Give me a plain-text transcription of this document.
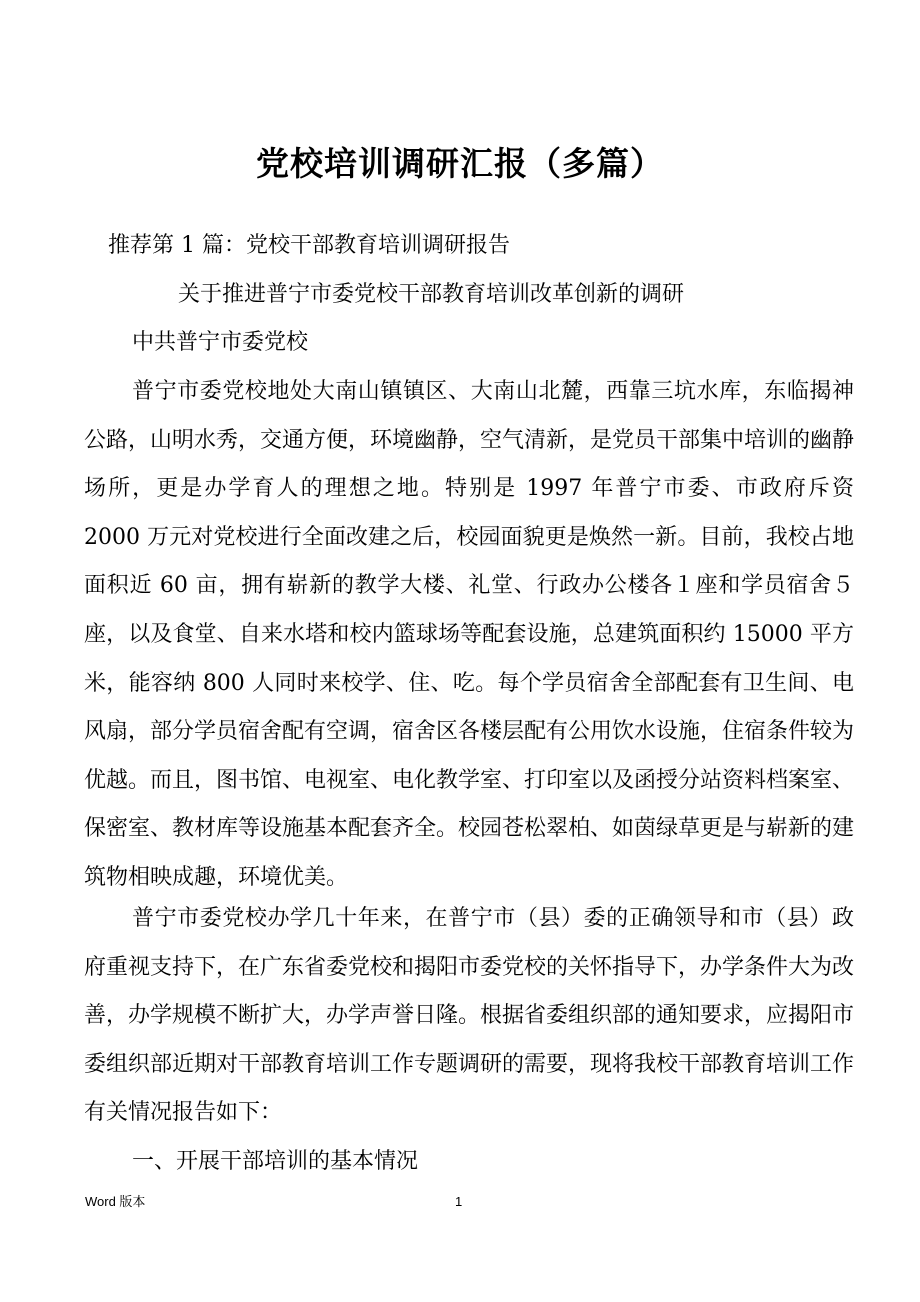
党校培训调研汇报（多篇）
推荐第 1 篇：党校干部教育培训调研报告
关于推进普宁市委党校干部教育培训改革创新的调研
中共普宁市委党校

普宁市委党校地处大南山镇镇区、大南山北麓，西靠三坑水库，东临揭神公路，山明水秀，交通方便，环境幽静，空气清新，是党员干部集中培训的幽静场所，更是办学育人的理想之地。特别是 1997 年普宁市委、市政府斥资 2000 万元对党校进行全面改建之后，校园面貌更是焕然一新。目前，我校占地面积近 60 亩，拥有崭新的教学大楼、礼堂、行政办公楼各１座和学员宿舍５座，以及食堂、自来水塔和校内篮球场等配套设施，总建筑面积约 15000 平方米，能容纳 800 人同时来校学、住、吃。每个学员宿舍全部配套有卫生间、电风扇，部分学员宿舍配有空调，宿舍区各楼层配有公用饮水设施，住宿条件较为优越。而且，图书馆、电视室、电化教学室、打印室以及函授分站资料档案室、保密室、教材库等设施基本配套齐全。校园苍松翠柏、如茵绿草更是与崭新的建筑物相映成趣，环境优美。

普宁市委党校办学几十年来，在普宁市（县）委的正确领导和市（县）政府重视支持下，在广东省委党校和揭阳市委党校的关怀指导下，办学条件大为改善，办学规模不断扩大，办学声誉日隆。根据省委组织部的通知要求，应揭阳市委组织部近期对干部教育培训工作专题调研的需要，现将我校干部教育培训工作有关情况报告如下：

一、开展干部培训的基本情况
Word 版本	1
